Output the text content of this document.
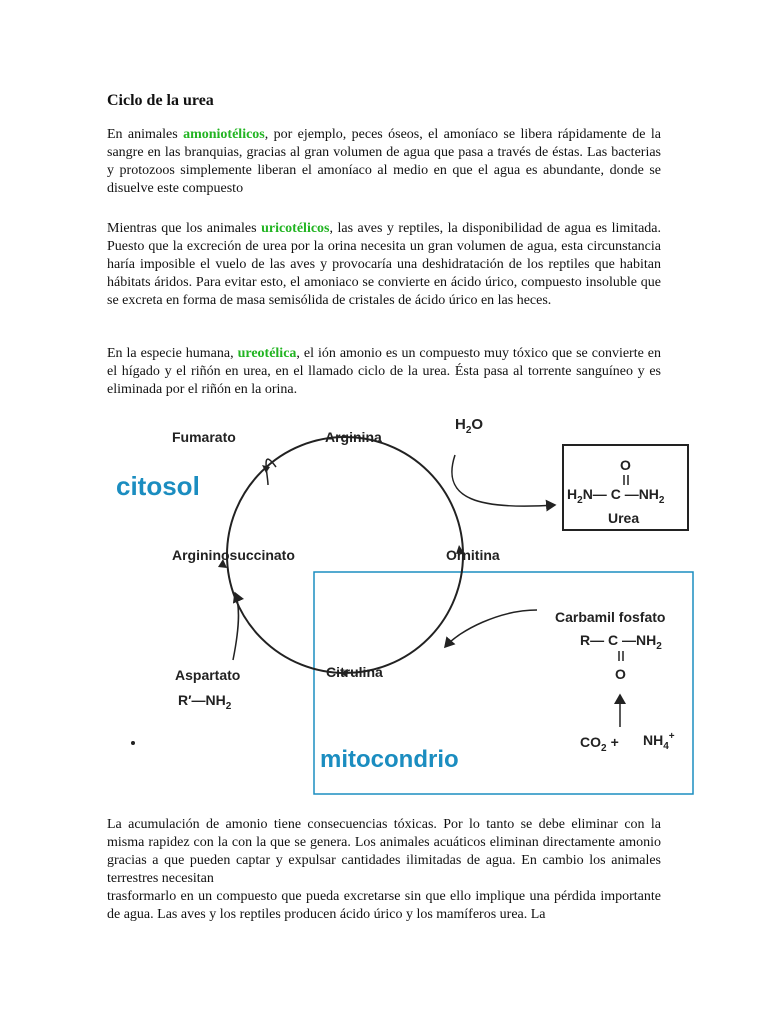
Ciclo de la urea

En animales amoniotélicos, por ejemplo, peces óseos, el amoníaco se libera rápidamente de la sangre en las branquias, gracias al gran volumen de agua que pasa a través de éstas. Las bacterias y protozoos simplemente liberan el amoníaco al medio en que el agua es abundante, donde se disuelve este compuesto

Mientras que los animales uricotélicos, las aves y reptiles, la disponibilidad de agua es limitada. Puesto que la excreción de urea por la orina necesita un gran volumen de agua, esta circunstancia haría imposible el vuelo de las aves y provocaría una deshidratación de los reptiles que habitan hábitats áridos. Para evitar esto, el amoniaco se convierte en ácido úrico, compuesto insoluble que se excreta en forma de masa semisólida de cristales de ácido úrico en las heces.

En la especie humana, ureotélica, el ión amonio es un compuesto muy tóxico que se convierte en el hígado y el riñón en urea, en el llamado ciclo de la urea. Ésta pasa al torrente sanguíneo y es eliminada por el riñón en la orina.

citosol
mitocondrio
Fumarato	Arginina
$H_2O$
Argininosuccinato	Ornitina
Citrulina
Aspartato
$R'—NH_2$
Carbamil fosfato
R— C $—NH_2$
O
O
$H_2N—$ C $—NH_2$
Urea
$CO_2 + NH_4^+$

La acumulación de amonio tiene consecuencias tóxicas. Por lo tanto se debe eliminar con la misma rapidez con la con la que se genera. Los animales acuáticos eliminan directamente amonio gracias a que pueden captar y expulsar cantidades ilimitadas de agua. En cambio los animales terrestres necesitan
trasformarlo en un compuesto que pueda excretarse sin que ello implique una pérdida importante de agua. Las aves y los reptiles producen ácido úrico y los mamíferos urea. La
